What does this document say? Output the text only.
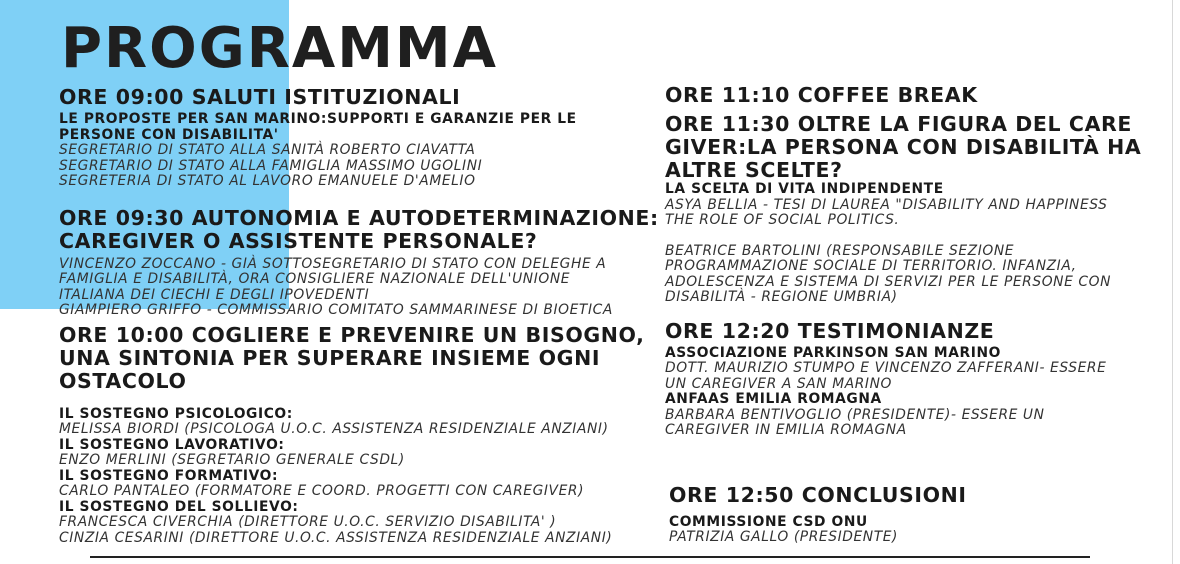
PROGRAMMA

ORE 09:00 SALUTI ISTITUZIONALI

LE PROPOSTE PER SAN MARINO:SUPPORTI E GARANZIE PER LE
PERSONE CON DISABILITA'

SEGRETARIO DI STATO ALLA SANITÀ ROBERTO CIAVATTA

SEGRETARIO DI STATO ALLA FAMIGLIA MASSIMO UGOLINI

SEGRETERIA DI STATO AL LAVORO EMANUELE D'AMELIO

ORE 09:30 AUTONOMIA E AUTODETERMINAZIONE:
CAREGIVER O ASSISTENTE PERSONALE?

VINCENZO ZOCCANO - GIÀ SOTTOSEGRETARIO DI STATO CON DELEGHE A
FAMIGLIA E DISABILITÀ, ORA CONSIGLIERE NAZIONALE DELL'UNIONE
ITALIANA DEI CIECHI E DEGLI IPOVEDENTI

GIAMPIERO GRIFFO - COMMISSARIO COMITATO SAMMARINESE DI BIOETICA

ORE 10:00 COGLIERE E PREVENIRE UN BISOGNO,
UNA SINTONIA PER SUPERARE INSIEME OGNI
OSTACOLO

IL SOSTEGNO PSICOLOGICO:

MELISSA BIORDI (PSICOLOGA U.O.C. ASSISTENZA RESIDENZIALE ANZIANI)

IL SOSTEGNO LAVORATIVO:

ENZO MERLINI (SEGRETARIO GENERALE CSDL)

IL SOSTEGNO FORMATIVO:

CARLO PANTALEO (FORMATORE E COORD. PROGETTI CON CAREGIVER)

IL SOSTEGNO DEL SOLLIEVO:

FRANCESCA CIVERCHIA (DIRETTORE U.O.C. SERVIZIO DISABILITA' )

CINZIA CESARINI (DIRETTORE U.O.C. ASSISTENZA RESIDENZIALE ANZIANI)

ORE 11:10 COFFEE BREAK

ORE 11:30 OLTRE LA FIGURA DEL CARE
GIVER:LA PERSONA CON DISABILITÀ HA
ALTRE SCELTE?

LA SCELTA DI VITA INDIPENDENTE

ASYA BELLIA - TESI DI LAUREA "DISABILITY AND HAPPINESS
THE ROLE OF SOCIAL POLITICS.

BEATRICE BARTOLINI (RESPONSABILE SEZIONE
PROGRAMMAZIONE SOCIALE DI TERRITORIO. INFANZIA,
ADOLESCENZA E SISTEMA DI SERVIZI PER LE PERSONE CON
DISABILITÀ - REGIONE UMBRIA)

ORE 12:20 TESTIMONIANZE

ASSOCIAZIONE PARKINSON SAN MARINO

DOTT. MAURIZIO STUMPO E VINCENZO ZAFFERANI- ESSERE
UN CAREGIVER A SAN MARINO

ANFAAS EMILIA ROMAGNA

BARBARA BENTIVOGLIO (PRESIDENTE)- ESSERE UN
CAREGIVER IN EMILIA ROMAGNA

ORE 12:50 CONCLUSIONI

COMMISSIONE CSD ONU

PATRIZIA GALLO (PRESIDENTE)
